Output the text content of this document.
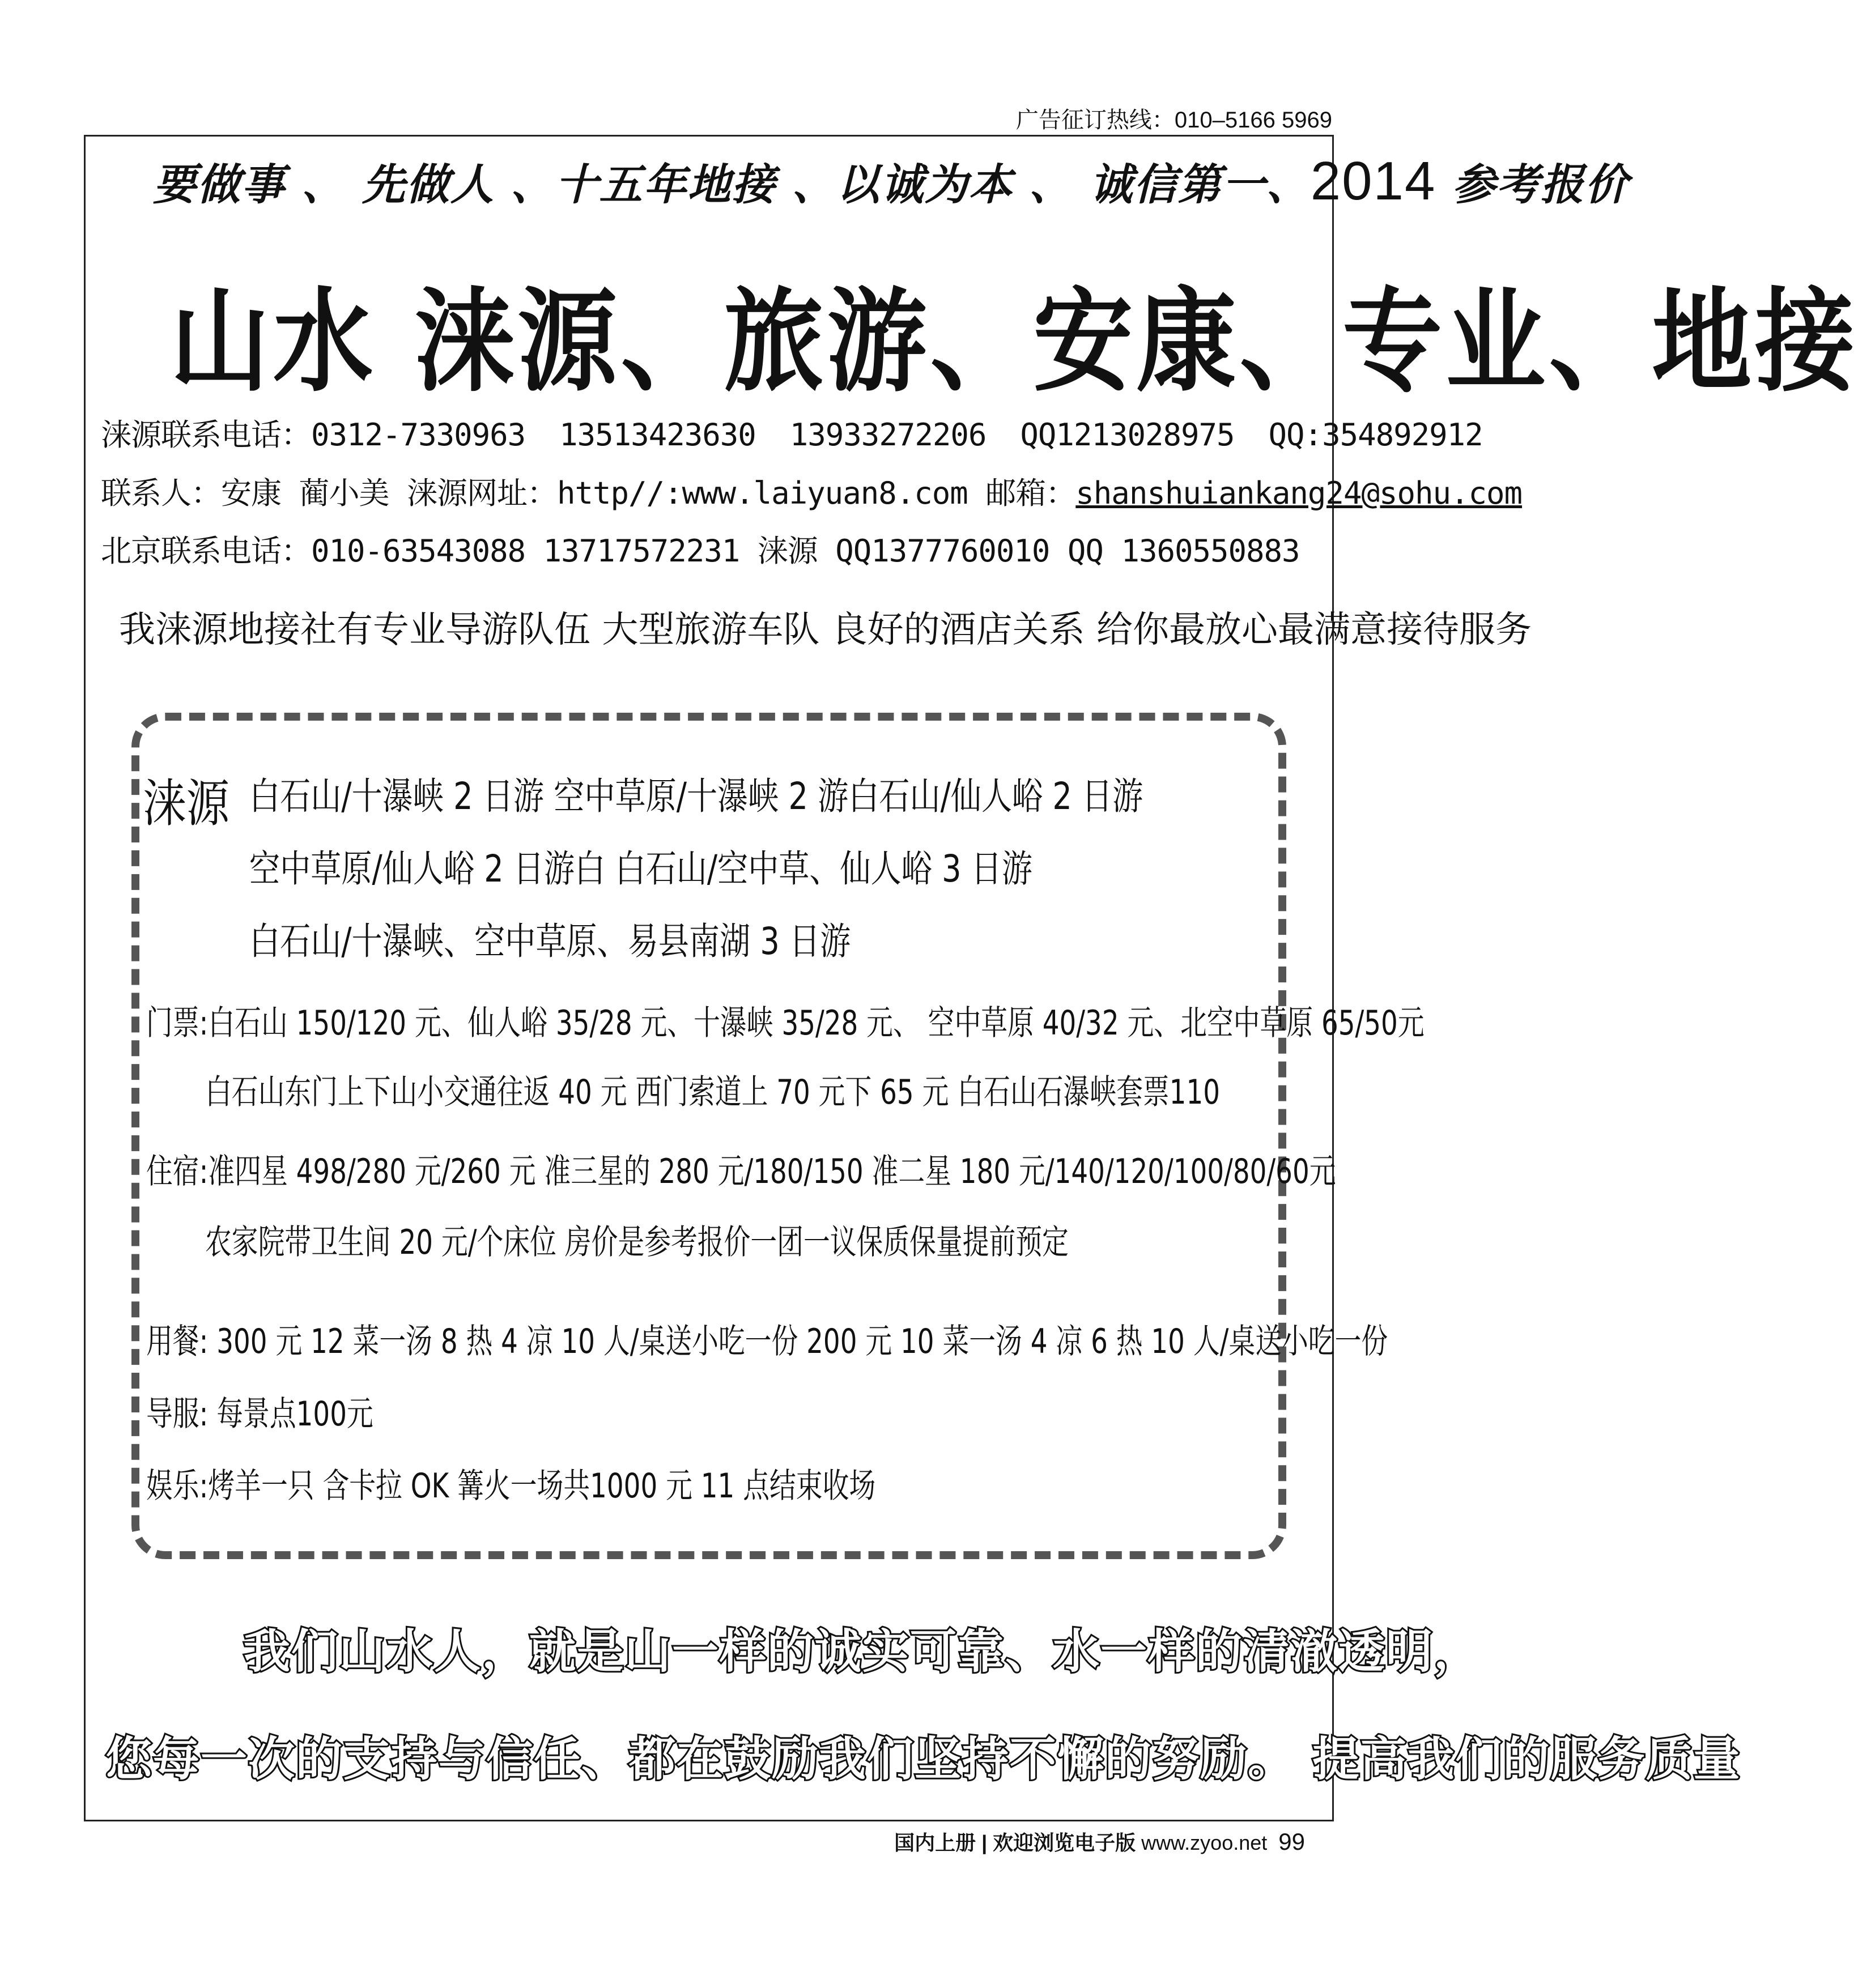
广告征订热线：010–5166 5969
要做事 、 先做人 、十五年地接 、以诚为本 、 诚信第一、2014 参考报价
山水 涞源、旅游、安康、专业、地接
涞源联系电话：0312-7330963 13513423630 13933272206 QQ1213028975 QQ:354892912
联系人：安康 蔺小美 涞源网址：http//:www.laiyuan8.com 邮箱：shanshuiankang24@sohu.com
北京联系电话：010-63543088 13717572231 涞源 QQ1377760010 QQ 1360550883
我涞源地接社有专业导游队伍 大型旅游车队 良好的酒店关系 给你最放心最满意接待服务
涞源 白石山/十瀑峡 2 日游 空中草原/十瀑峡 2 游白石山/仙人峪 2 日游
空中草原/仙人峪 2 日游白 白石山/空中草、仙人峪 3 日游
白石山/十瀑峡、空中草原、易县南湖 3 日游
门票:白石山 150/120 元、仙人峪 35/28 元、十瀑峡 35/28 元、 空中草原 40/32 元、北空中草原 65/50元
白石山东门上下山小交通往返 40 元 西门索道上 70 元下 65 元 白石山石瀑峡套票110
住宿:准四星 498/280 元/260 元 准三星的 280 元/180/150 准二星 180 元/140/120/100/80/60元
农家院带卫生间 20 元/个床位 房价是参考报价一团一议保质保量提前预定
用餐: 300 元 12 菜一汤 8 热 4 凉 10 人/桌送小吃一份 200 元 10 菜一汤 4 凉 6 热 10 人/桌送小吃一份
导服: 每景点100元
娱乐:烤羊一只 含卡拉 OK 篝火一场共1000 元 11 点结束收场
我们山水人，就是山一样的诚实可靠、水一样的清澈透明，
您每一次的支持与信任、都在鼓励我们坚持不懈的努励。 提高我们的服务质量
国内上册 | 欢迎浏览电子版 www.zyoo.net 99
